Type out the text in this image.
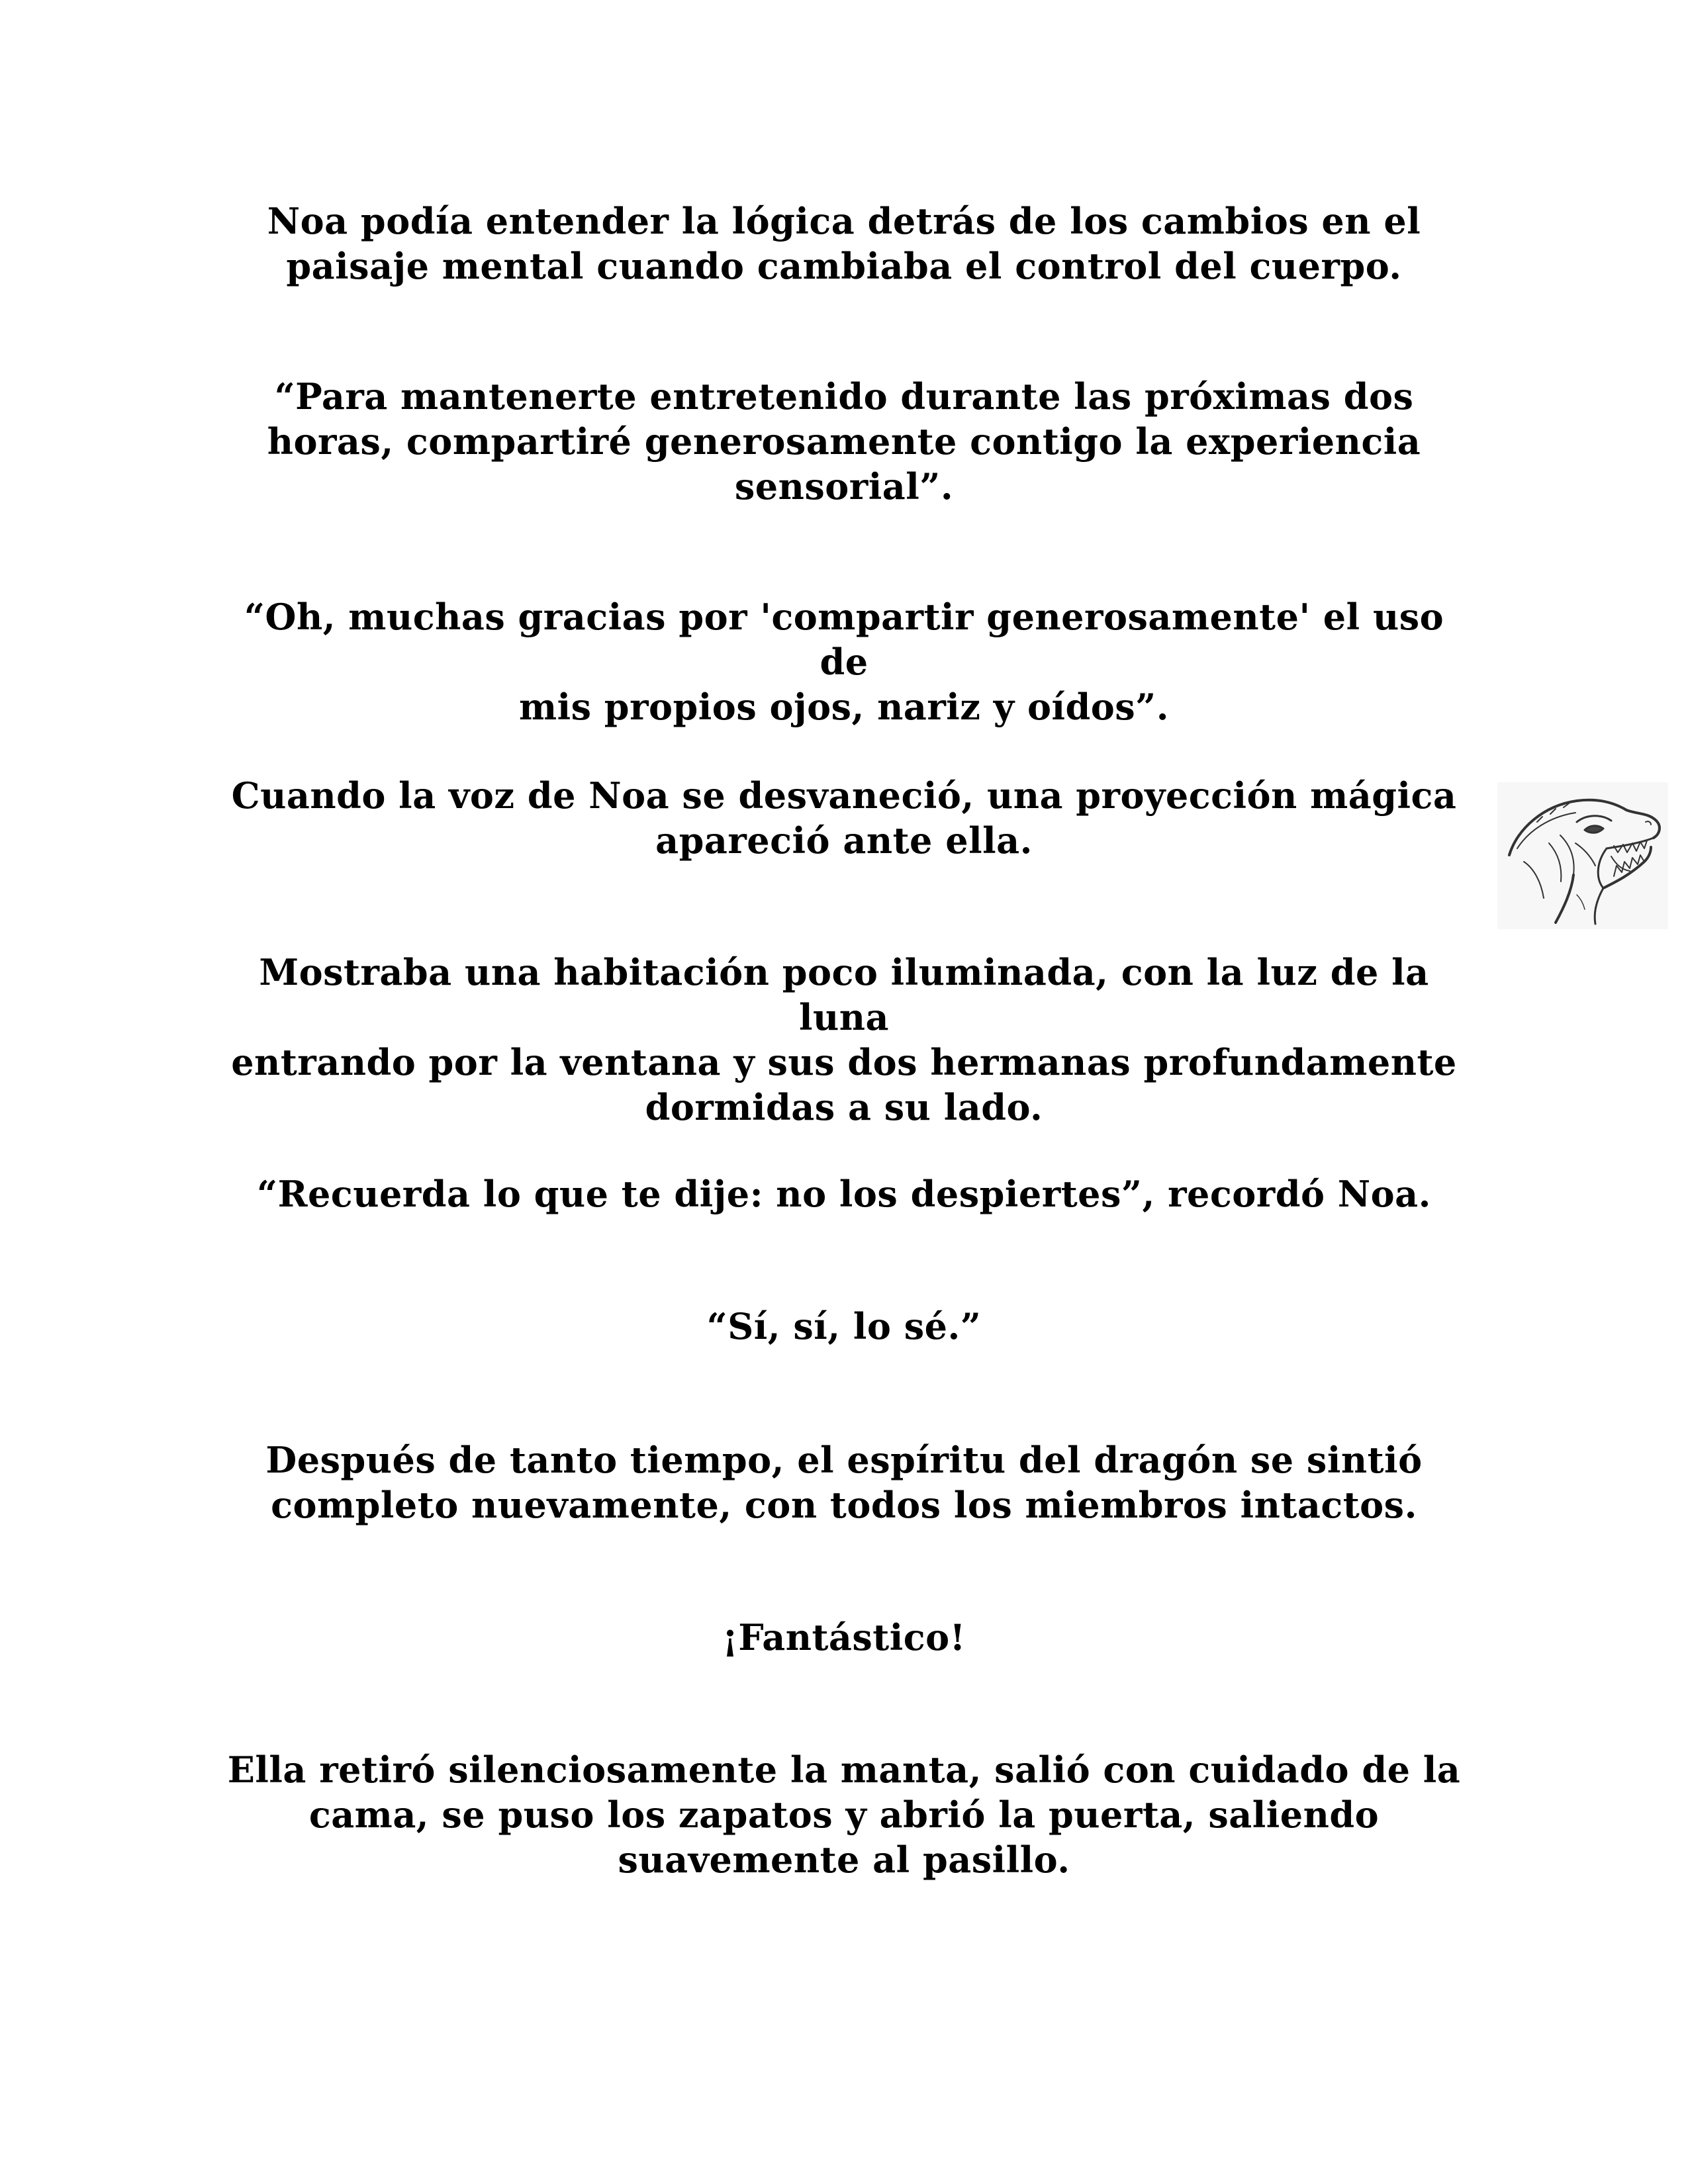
Noa podía entender la lógica detrás de los cambios en el
paisaje mental cuando cambiaba el control del cuerpo.

“Para mantenerte entretenido durante las próximas dos
horas, compartiré generosamente contigo la experiencia
sensorial”.

“Oh, muchas gracias por 'compartir generosamente' el uso de
mis propios ojos, nariz y oídos”.

Cuando la voz de Noa se desvaneció, una proyección mágica
apareció ante ella.

Mostraba una habitación poco iluminada, con la luz de la luna
entrando por la ventana y sus dos hermanas profundamente
dormidas a su lado.

“Recuerda lo que te dije: no los despiertes”, recordó Noa.

“Sí, sí, lo sé.”

Después de tanto tiempo, el espíritu del dragón se sintió
completo nuevamente, con todos los miembros intactos.

¡Fantástico!

Ella retiró silenciosamente la manta, salió con cuidado de la
cama, se puso los zapatos y abrió la puerta, saliendo
suavemente al pasillo.
